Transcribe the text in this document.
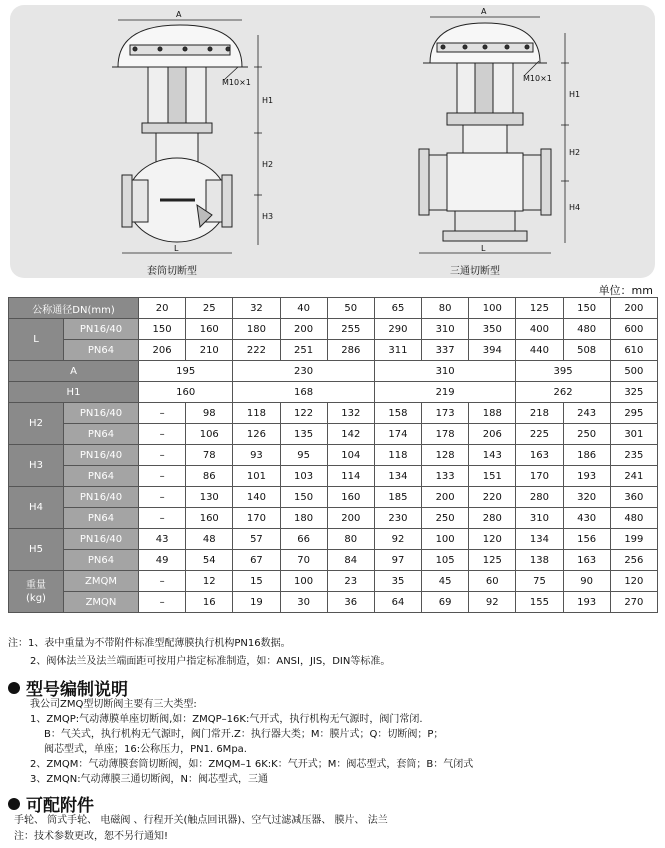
A
M10×1
H1
H2
H3
L
A
M10×1
H1
H2
H4
L
套筒切断型	三通切断型
单位：mm
公称通径DN(mm)		20	25	32	40	50	65	80	100	125	150	200
L	PN16/40	150	160	180	200	255	290	310	350	400	480	600
	PN64	206	210	222	251	286	311	337	394	440	508	610
A		195		230			310			395		500
H1		160		168			219			262		325
H2	PN16/40	–	98	118	122	132	158	173	188	218	243	295
	PN64	–	106	126	135	142	174	178	206	225	250	301
H3	PN16/40	–	78	93	95	104	118	128	143	163	186	235
	PN64	–	86	101	103	114	134	133	151	170	193	241
H4	PN16/40	–	130	140	150	160	185	200	220	280	320	360
	PN64	–	160	170	180	200	230	250	280	310	430	480
H5	PN16/40	43	48	57	66	80	92	100	120	134	156	199
	PN64	49	54	67	70	84	97	105	125	138	163	256
重量
(kg)	ZMQM	–	12	15	100	23	35	45	60	75	90	120
	ZMQN	–	16	19	30	36	64	69	92	155	193	270
注：1、表中重量为不带附件标准型配薄膜执行机构PN16数据。
2、阀体法兰及法兰端面距可按用户指定标准制造，如：ANSI，JIS，DIN等标准。
型号编制说明
我公司ZMQ型切断阀主要有三大类型:
1、ZMQP:气动薄膜单座切断阀,如：ZMQP–16K:气开式，执行机构无气源时，阀门常闭.
B：气关式，执行机构无气源时，阀门常开.Z：执行器大类；M：膜片式；Q：切断阀；P；
阀芯型式，单座；16:公称压力，PN1. 6Mpa.
2、ZMQM：气动薄膜套筒切断阀，如：ZMQM–1 6K:K：气开式；M：阀芯型式，套筒；B：气闭式
3、ZMQN:气动薄膜三通切断阀，N：阀芯型式，三通
可配附件
手轮、 筒式手轮、 电磁阀 、行程开关(触点回讯器)、空气过滤减压器、 膜片、 法兰
注：技术参数更改，恕不另行通知!
